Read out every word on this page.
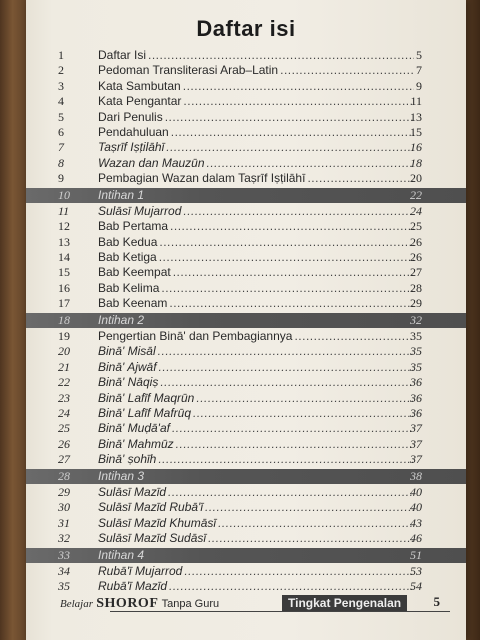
Daftar isi
1	Daftar Isi .....	5
2	Pedoman Transliterasi Arab–Latin .....	7
3	Kata Sambutan .....	9
4	Kata Pengantar .....	11
5	Dari Penulis .....	13
6	Pendahuluan .....	15
7	Taṣrīf Iṣṭilāhī .....	16
8	Wazan dan Mauzūn .....	18
9	Pembagian Wazan dalam Taṣrīf Iṣṭilāhī .....	20
10	Intihan 1	22
11	Sulāsī Mujarrod .....	24
12	Bab Pertama .....	25
13	Bab Kedua .....	26
14	Bab Ketiga .....	26
15	Bab Keempat .....	27
16	Bab Kelima .....	28
17	Bab Keenam .....	29
18	Intihan 2	32
19	Pengertian Binā' dan Pembagiannya .....	35
20	Binā' Misāl .....	35
21	Binā' Ajwāf .....	35
22	Binā' Nāqiṣ .....	36
23	Binā' Lafīf Maqrūn .....	36
24	Binā' Lafīf Mafrūq .....	36
25	Binā' Muḍā'af .....	37
26	Binā' Mahmūz .....	37
27	Binā' ṣohīh .....	37
28	Intihan 3	38
29	Sulāsī Mazīd .....	40
30	Sulāsī Mazīd Rubā'ī .....	40
31	Sulāsī Mazīd Khumāsī .....	43
32	Sulāsī Mazīd Sudāsī .....	46
33	Intihan 4	51
34	Rubā'ī Mujarrod .....	53
35	Rubā'ī Mazīd .....	54
Belajar SHOROF Tanpa Guru	Tingkat Pengenalan	5
